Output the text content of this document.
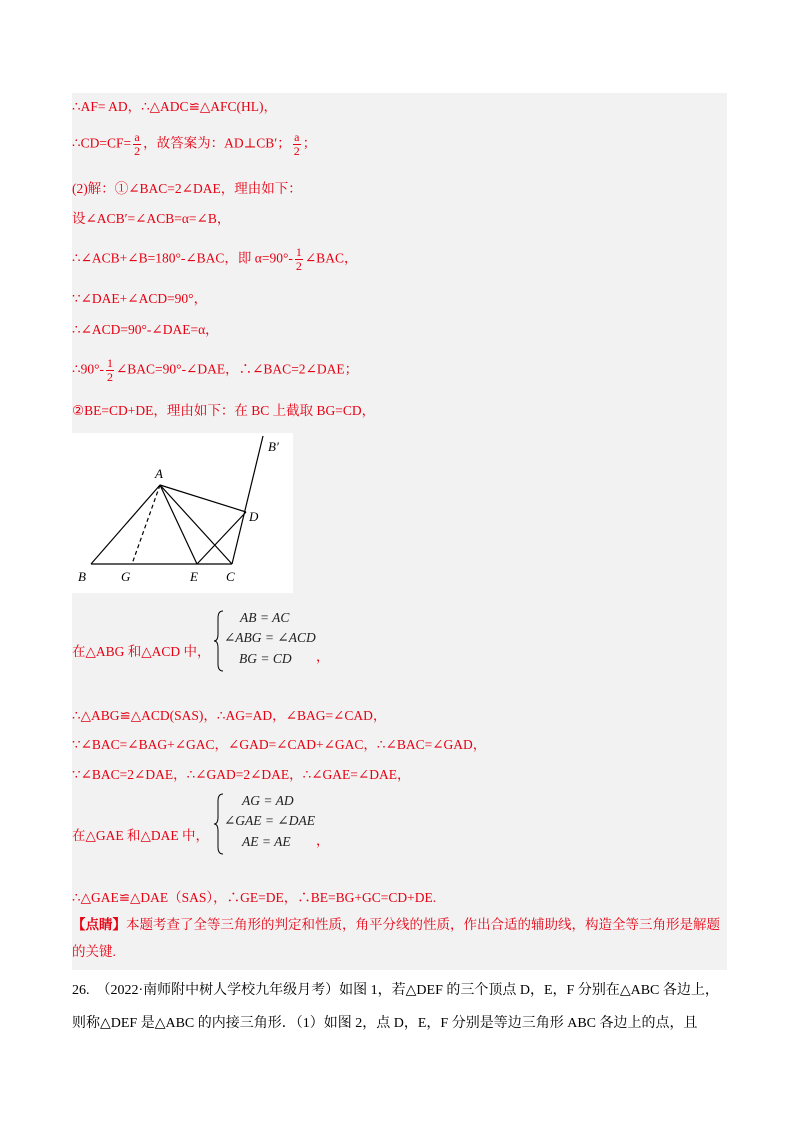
∴AF= AD，∴△ADC≌△AFC(HL)，
∴CD=CF= $\frac{a}{2}$ ，故答案为：AD⊥CB′； $\frac{a}{2}$ ；
(2)解：①∠BAC=2∠DAE，理由如下：
设∠ACB′=∠ACB=α=∠B，
∴∠ACB+∠B=180°-∠BAC，即 $\alpha=90^\circ- \frac{1}{2}$ ∠BAC，
∵∠DAE+∠ACD=90°，
∴∠ACD=90°-∠DAE=α，
∴90°- $\frac{1}{2}$ ∠BAC=90°-∠DAE，∴∠BAC=2∠DAE；
②BE=CD+DE，理由如下：在 BC 上截取 BG=CD，
A
B	G	E C
D
B′
在△ABG 和△ACD 中，
AB = AC
∠ABG = ∠ACD
BG = CD ，
∴△ABG≌△ACD(SAS)，∴AG=AD，∠BAG=∠CAD，
∵∠BAC=∠BAG+∠GAC，∠GAD=∠CAD+∠GAC，∴∠BAC=∠GAD，
∵∠BAC=2∠DAE，∴∠GAD=2∠DAE，∴∠GAE=∠DAE，
在△GAE 和△DAE 中，
AG = AD
∠GAE = ∠DAE
AE = AE ，
∴△GAE≌△DAE（SAS），∴GE=DE，∴BE=BG+GC=CD+DE.
【点睛】本题考查了全等三角形的判定和性质，角平分线的性质，作出合适的辅助线，构造全等三角形是解题的关键.
26.　（2022·南师附中树人学校九年级月考）如图 1，若△DEF 的三个顶点 D，E，F 分别在△ABC 各边上，
则称△DEF 是△ABC 的内接三角形．（1）如图 2，点 D，E，F 分别是等边三角形 ABC 各边上的点，且
